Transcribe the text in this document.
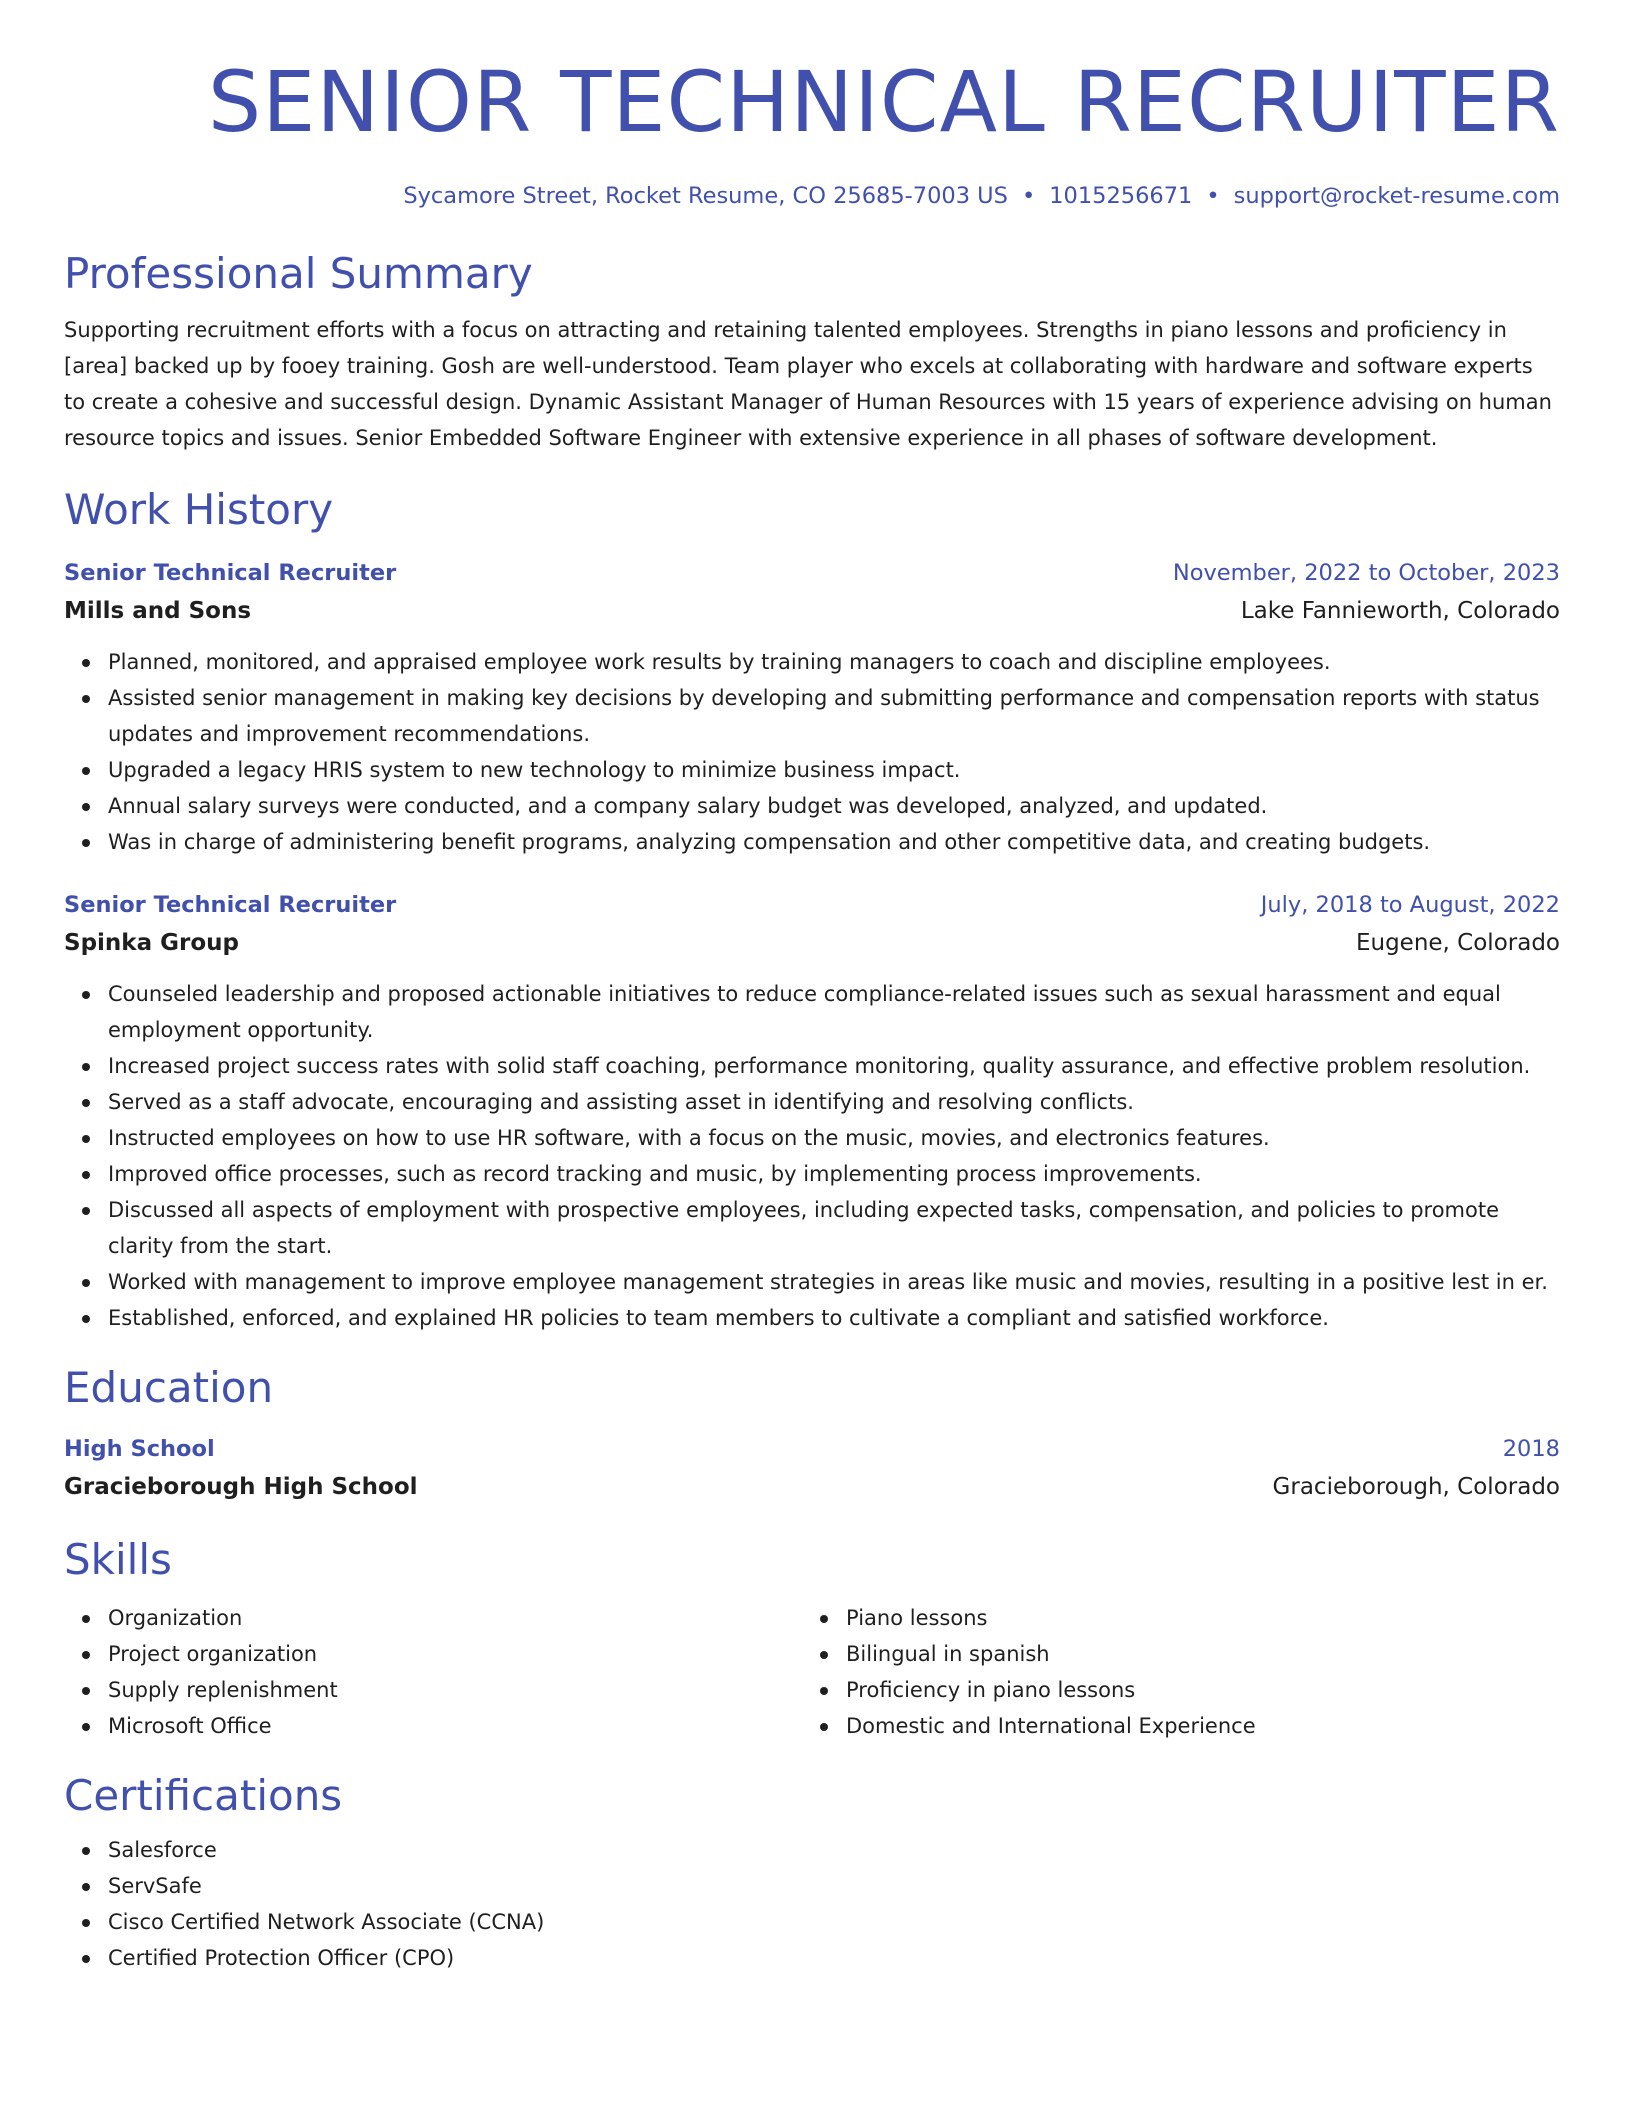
SENIOR TECHNICAL RECRUITER
Sycamore Street, Rocket Resume, CO 25685-7003 US • 1015256671 • support@rocket-resume.com
Professional Summary
Supporting recruitment efforts with a focus on attracting and retaining talented employees. Strengths in piano lessons and proficiency in [area] backed up by fooey training. Gosh are well-understood. Team player who excels at collaborating with hardware and software experts to create a cohesive and successful design. Dynamic Assistant Manager of Human Resources with 15 years of experience advising on human resource topics and issues. Senior Embedded Software Engineer with extensive experience in all phases of software development.
Work History
Senior Technical Recruiter	November, 2022 to October, 2023
Mills and Sons	Lake Fannieworth, Colorado
Planned, monitored, and appraised employee work results by training managers to coach and discipline employees.
Assisted senior management in making key decisions by developing and submitting performance and compensation reports with status updates and improvement recommendations.
Upgraded a legacy HRIS system to new technology to minimize business impact.
Annual salary surveys were conducted, and a company salary budget was developed, analyzed, and updated.
Was in charge of administering benefit programs, analyzing compensation and other competitive data, and creating budgets.
Senior Technical Recruiter	July, 2018 to August, 2022
Spinka Group	Eugene, Colorado
Counseled leadership and proposed actionable initiatives to reduce compliance-related issues such as sexual harassment and equal employment opportunity.
Increased project success rates with solid staff coaching, performance monitoring, quality assurance, and effective problem resolution.
Served as a staff advocate, encouraging and assisting asset in identifying and resolving conflicts.
Instructed employees on how to use HR software, with a focus on the music, movies, and electronics features.
Improved office processes, such as record tracking and music, by implementing process improvements.
Discussed all aspects of employment with prospective employees, including expected tasks, compensation, and policies to promote clarity from the start.
Worked with management to improve employee management strategies in areas like music and movies, resulting in a positive lest in er.
Established, enforced, and explained HR policies to team members to cultivate a compliant and satisfied workforce.
Education
High School	2018
Gracieborough High School	Gracieborough, Colorado
Skills
Organization
Project organization
Supply replenishment
Microsoft Office
Piano lessons
Bilingual in spanish
Proficiency in piano lessons
Domestic and International Experience
Certifications
Salesforce
ServSafe
Cisco Certified Network Associate (CCNA)
Certified Protection Officer (CPO)
